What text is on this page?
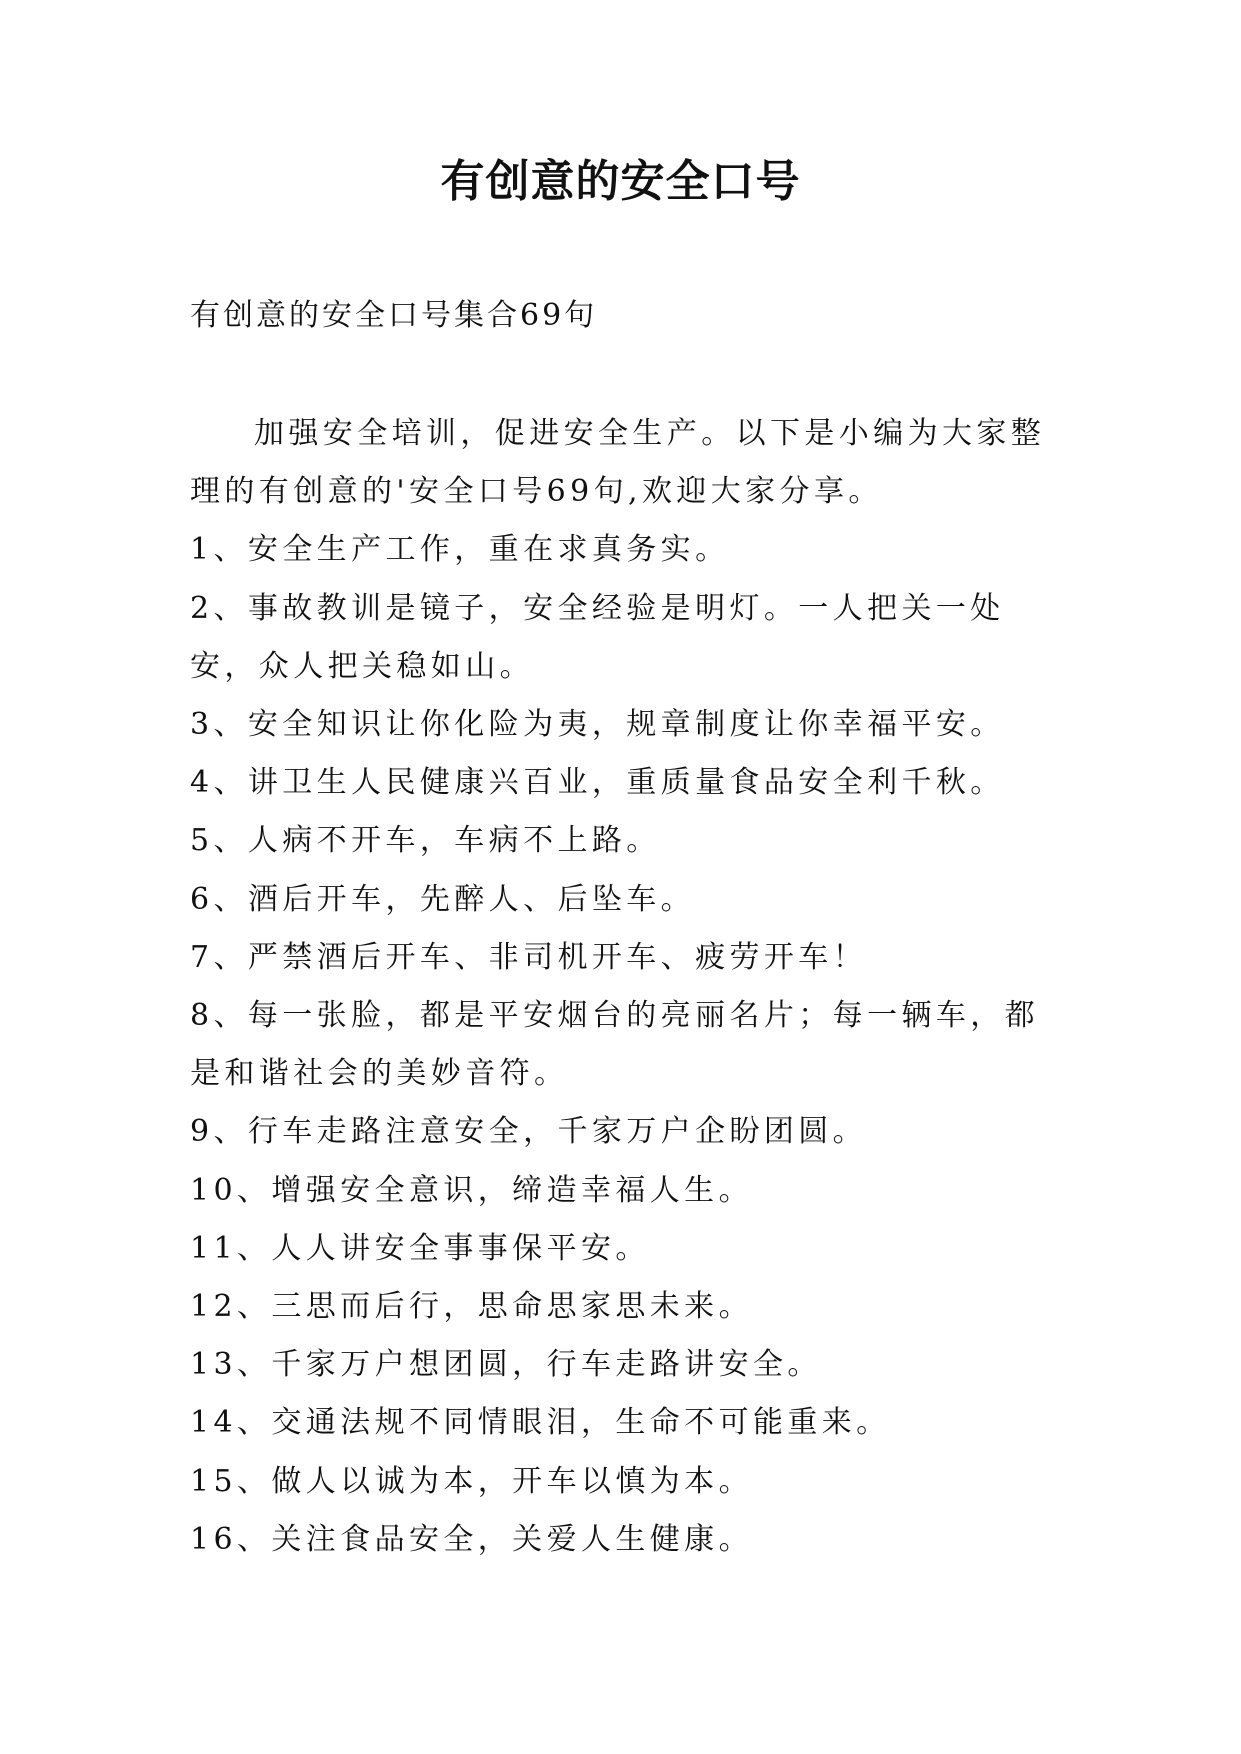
有创意的安全口号
有创意的安全口号集合69句

加强安全培训，促进安全生产。以下是小编为大家整理的有创意的'安全口号69句,欢迎大家分享。

1、安全生产工作，重在求真务实。

2、事故教训是镜子，安全经验是明灯。一人把关一处安，众人把关稳如山。

3、安全知识让你化险为夷，规章制度让你幸福平安。

4、讲卫生人民健康兴百业，重质量食品安全利千秋。

5、人病不开车，车病不上路。

6、酒后开车，先醉人、后坠车。

7、严禁酒后开车、非司机开车、疲劳开车！

8、每一张脸，都是平安烟台的亮丽名片；每一辆车，都是和谐社会的美妙音符。

9、行车走路注意安全，千家万户企盼团圆。

10、增强安全意识，缔造幸福人生。

11、人人讲安全事事保平安。

12、三思而后行，思命思家思未来。

13、千家万户想团圆，行车走路讲安全。

14、交通法规不同情眼泪，生命不可能重来。

15、做人以诚为本，开车以慎为本。

16、关注食品安全，关爱人生健康。
